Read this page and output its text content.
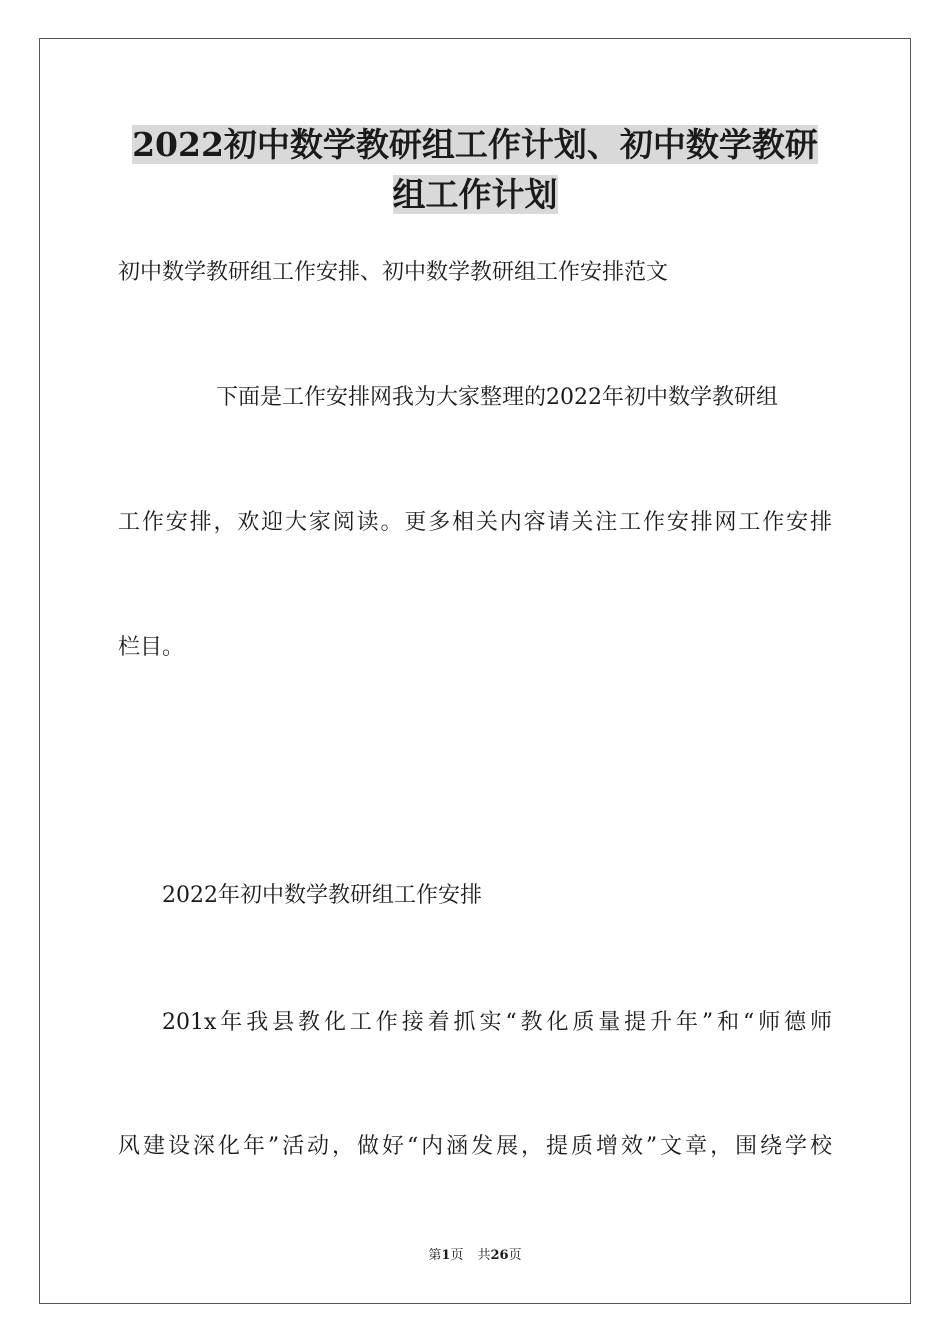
2022初中数学教研组工作计划、初中数学教研
组工作计划

初中数学教研组工作安排、初中数学教研组工作安排范文

下面是工作安排网我为大家整理的2022年初中数学教研组

工作安排，欢迎大家阅读。更多相关内容请关注工作安排网工作安排

栏目。

2022年初中数学教研组工作安排

201x年我县教化工作接着抓实“教化质量提升年”和“师德师

风建设深化年”活动，做好“内涵发展，提质增效”文章，围绕学校

第1页 共26页
